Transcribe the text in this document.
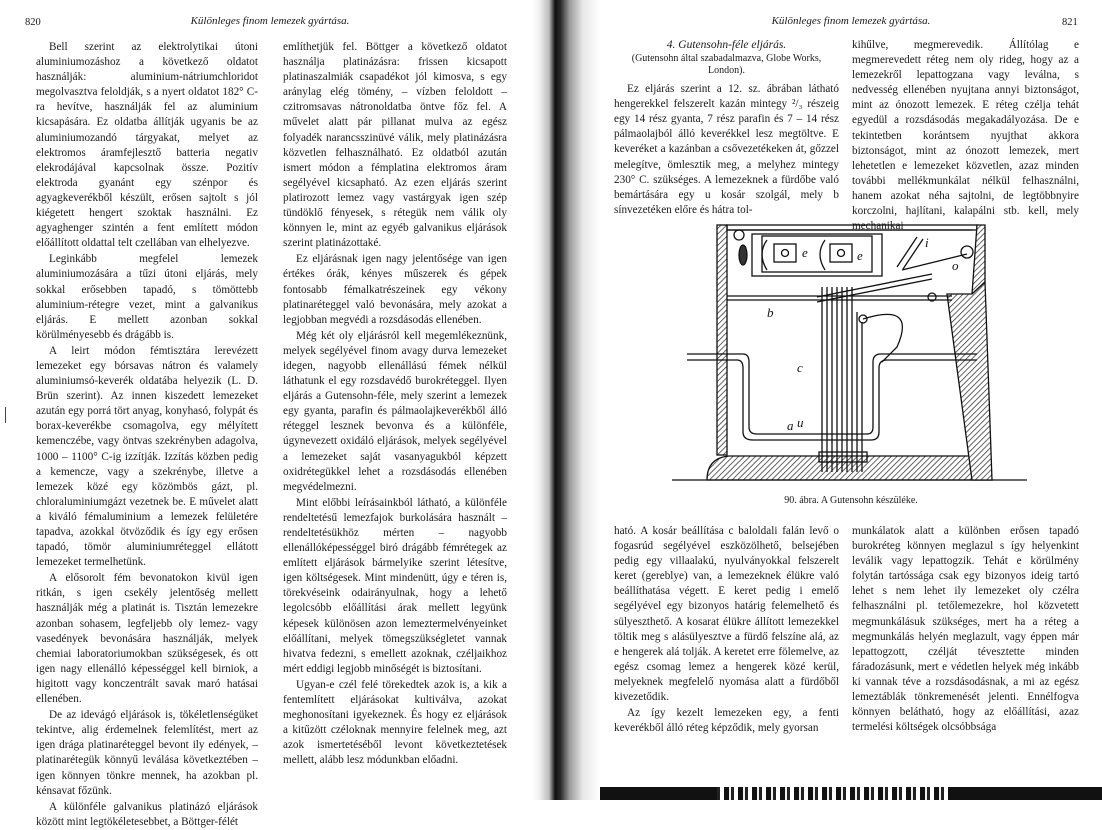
820	Különleges finom lemezek gyártása.

Bell szerint az elektrolytikai útoni aluminiumozáshoz a következő oldatot használják: aluminium-nátriumchloridot megolvasztva feloldják, s a nyert oldatot 182° C-ra hevítve, használják fel az aluminium kicsapására. Ez oldatba állítják ugyanis be az aluminiumozandó tárgyakat, melyet az elektromos áramfejlesztő batteria negativ elekrodájával kapcsolnak össze. Pozitív elektroda gyanánt egy szénpor és agyagkeverékből készült, erősen sajtolt s jól kiégetett hengert szoktak használni. Ez agyaghenger szintén a fent említett módon előállított oldattal telt czellában van elhelyezve.

Leginkább megfelel lemezek aluminiumozására a tűzi útoni eljárás, mely sokkal erősebben tapadó, s tömöttebb aluminium-rétegre vezet, mint a galvanikus eljárás. E mellett azonban sokkal körülményesebb és drágább is.

A leirt módon fémtisztára lerevézett lemezeket egy bórsavas nátron és valamely aluminiumsó-keverék oldatába helyezik (L. D. Brün szerint). Az innen kiszedett lemezeket azután egy porrá tört anyag, konyhasó, folypát és borax-keverékbe csomagolva, egy mélyített kemenczébe, vagy öntvas szekrényben adagolva, 1000 – 1100° C-ig izzítják. Izzítás közben pedig a kemencze, vagy a szekrénybe, illetve a lemezek közé egy közömbös gázt, pl. chloraluminiumgázt vezetnek be. E művelet alatt a kiváló fémaluminium a lemezek felületére tapadva, azokkal ötvöződik és így egy erősen tapadó, tömör aluminiumréteggel ellátott lemezeket termelhetünk.

A elősorolt fém bevonatokon kivül igen ritkán, s igen csekély jelentőség mellett használják még a platinát is. Tisztán lemezekre azonban sohasem, legfeljebb oly lemez- vagy vasedények bevonására használják, melyek chemiai laboratoriumokban szükségesek, és ott igen nagy ellenálló képességgel kell birniok, a higitott vagy konczentrált savak maró hatásai ellenében.

De az idevágó eljárások is, tökéletlenségüket tekintve, alig érdemelnek felemlítést, mert az igen drága platinaréteggel bevont ily edények, – platinarétegük könnyű leválása következtében – igen könnyen tönkre mennek, ha azokban pl. kénsavat főzünk.

A különféle galvanikus platinázó eljárások között mint legtökéletesebbet, a Böttger-félét

említhetjük fel. Böttger a következő oldatot használja platinázásra: frissen kicsapott platinaszalmiák csapadékot jól kimosva, s egy aránylag elég tömény, – vízben feloldott – czitromsavas nátronoldatba öntve főz fel. A művelet alatt pár pillanat mulva az egész folyadék narancsszinüvé válik, mely platinázásra közvetlen felhasználható. Ez oldatból azután ismert módon a fémplatina elektromos áram segélyével kicsapható. Az ezen eljárás szerint platirozott lemez vagy vastárgyak igen szép tündöklő fényesek, s rétegük nem válik oly könnyen le, mint az egyéb galvanikus eljárások szerint platinázottaké.

Ez eljárásnak igen nagy jelentősége van igen értékes órák, kényes műszerek és gépek fontosabb fémalkatrészeinek egy vékony platinaréteggel való bevonására, mely azokat a legjobban megvédi a rozsdásodás ellenében.

Még két oly eljárásról kell megemlékeznünk, melyek segélyével finom avagy durva lemezeket idegen, nagyobb ellenállású fémek nélkül láthatunk el egy rozsdavédő burokréteggel. Ilyen eljárás a Gutensohn-féle, mely szerint a lemezek egy gyanta, parafin és pálmaolajkeverékből álló réteggel lesznek bevonva és a különféle, úgynevezett oxidáló eljárások, melyek segélyével a lemezeket saját vasanyagukból képzett oxidrétegükkel lehet a rozsdásodás ellenében megvédelmezni.

Mint előbbi leírásainkból látható, a különféle rendeltetésű lemezfajok burkolására használt – rendeltetésükhöz mérten – nagyobb ellenállóképességgel biró drágább fémrétegek az említett eljárások bármelyike szerint létesítve, igen költségesek. Mint mindenütt, úgy e téren is, törekvéseink odairányulnak, hogy a lehető legolcsóbb előállítási árak mellett legyünk képesek különösen azon lemeztermelvényeinket előállítani, melyek tömegszükségletet vannak hivatva fedezni, s emellett azoknak, czéljaikhoz mért eddigi legjobb minőségét is biztosítani.

Ugyan-e czél felé törekedtek azok is, a kik a fentemlített eljárásokat kultiválva, azokat meghonosítani igyekeznek. És hogy ez eljárások a kitűzött czéloknak mennyire felelnek meg, azt azok ismertetéséből levont következtetések mellett, alább lesz módunkban előadni.

Különleges finom lemezek gyártása.	821

4. Gutensohn-féle eljárás.

(Gutensohn által szabadalmazva, Globe Works, London).

Ez eljárás szerint a 12. sz. ábrában látható hengerekkel felszerelt kazán mintegy ²/₃ részeig egy 14 rész gyanta, 7 rész parafin és 7 – 14 rész pálmaolajból álló keverékkel lesz megtöltve. E keveréket a kazánban a csővezetékeken át, gőzzel melegítve, ömlesztik meg, a melyhez mintegy 230° C. szükséges. A lemezeknek a fürdőbe való bemártására egy u kosár szolgál, mely b sínvezetéken előre és hátra tol-

kihűlve, megmerevedik. Állítólag e megmerevedett réteg nem oly rideg, hogy az a lemezekről lepattogzana vagy leválna, s nedvesség ellenében nyujtana annyi biztonságot, mint az ónozott lemezek. E réteg czélja tehát egyedül a rozsdásodás megakadályozása. De e tekintetben korántsem nyujthat akkora biztonságot, mint az ónozott lemezek, mert lehetetlen e lemezeket közvetlen, azaz minden további mellékmunkálat nélkül felhasználni, hanem azokat néha sajtolni, de legtöbbnyire korczolni, hajlítani, kalapálni stb. kell, mely mechanikai

i
o
e	e
b
c
u
a
90. ábra. A Gutensohn készüléke.

ható. A kosár beállítása c baloldali falán levő o fogasrúd segélyével eszközölhető, belsejében pedig egy villaalakú, nyulványokkal felszerelt keret (gereblye) van, a lemezeknek élükre való beállíthatása végett. E keret pedig i emelő segélyével egy bizonyos határig felemelhető és sülyeszthető. A kosarat élükre állított lemezekkel töltik meg s alásülyesztve a fürdő felszíne alá, az e hengerek alá tolják. A keretet erre fölemelve, az egész csomag lemez a hengerek közé kerül, melyeknek megfelelő nyomása alatt a fürdőből kivezetődik.

Az így kezelt lemezeken egy, a fenti keverékből álló réteg képződik, mely gyorsan

munkálatok alatt a különben erősen tapadó burokréteg könnyen meglazul s így helyenkint leválik vagy lepattogzik. Tehát e körülmény folytán tartóssága csak egy bizonyos ideig tartó lehet s nem lehet ily lemezeket oly czélra felhasználni pl. tetőlemezekre, hol közvetett megmunkálásuk szükséges, mert ha a réteg a megmunkálás helyén meglazult, vagy éppen már lepattogzott, czélját tévesztette minden fáradozásunk, mert e védetlen helyek még inkább ki vannak téve a rozsdásodásnak, a mi az egész lemeztáblák tönkremenését jelenti. Ennélfogva könnyen belátható, hogy az előállítási, azaz termelési költségek olcsóbbsága
